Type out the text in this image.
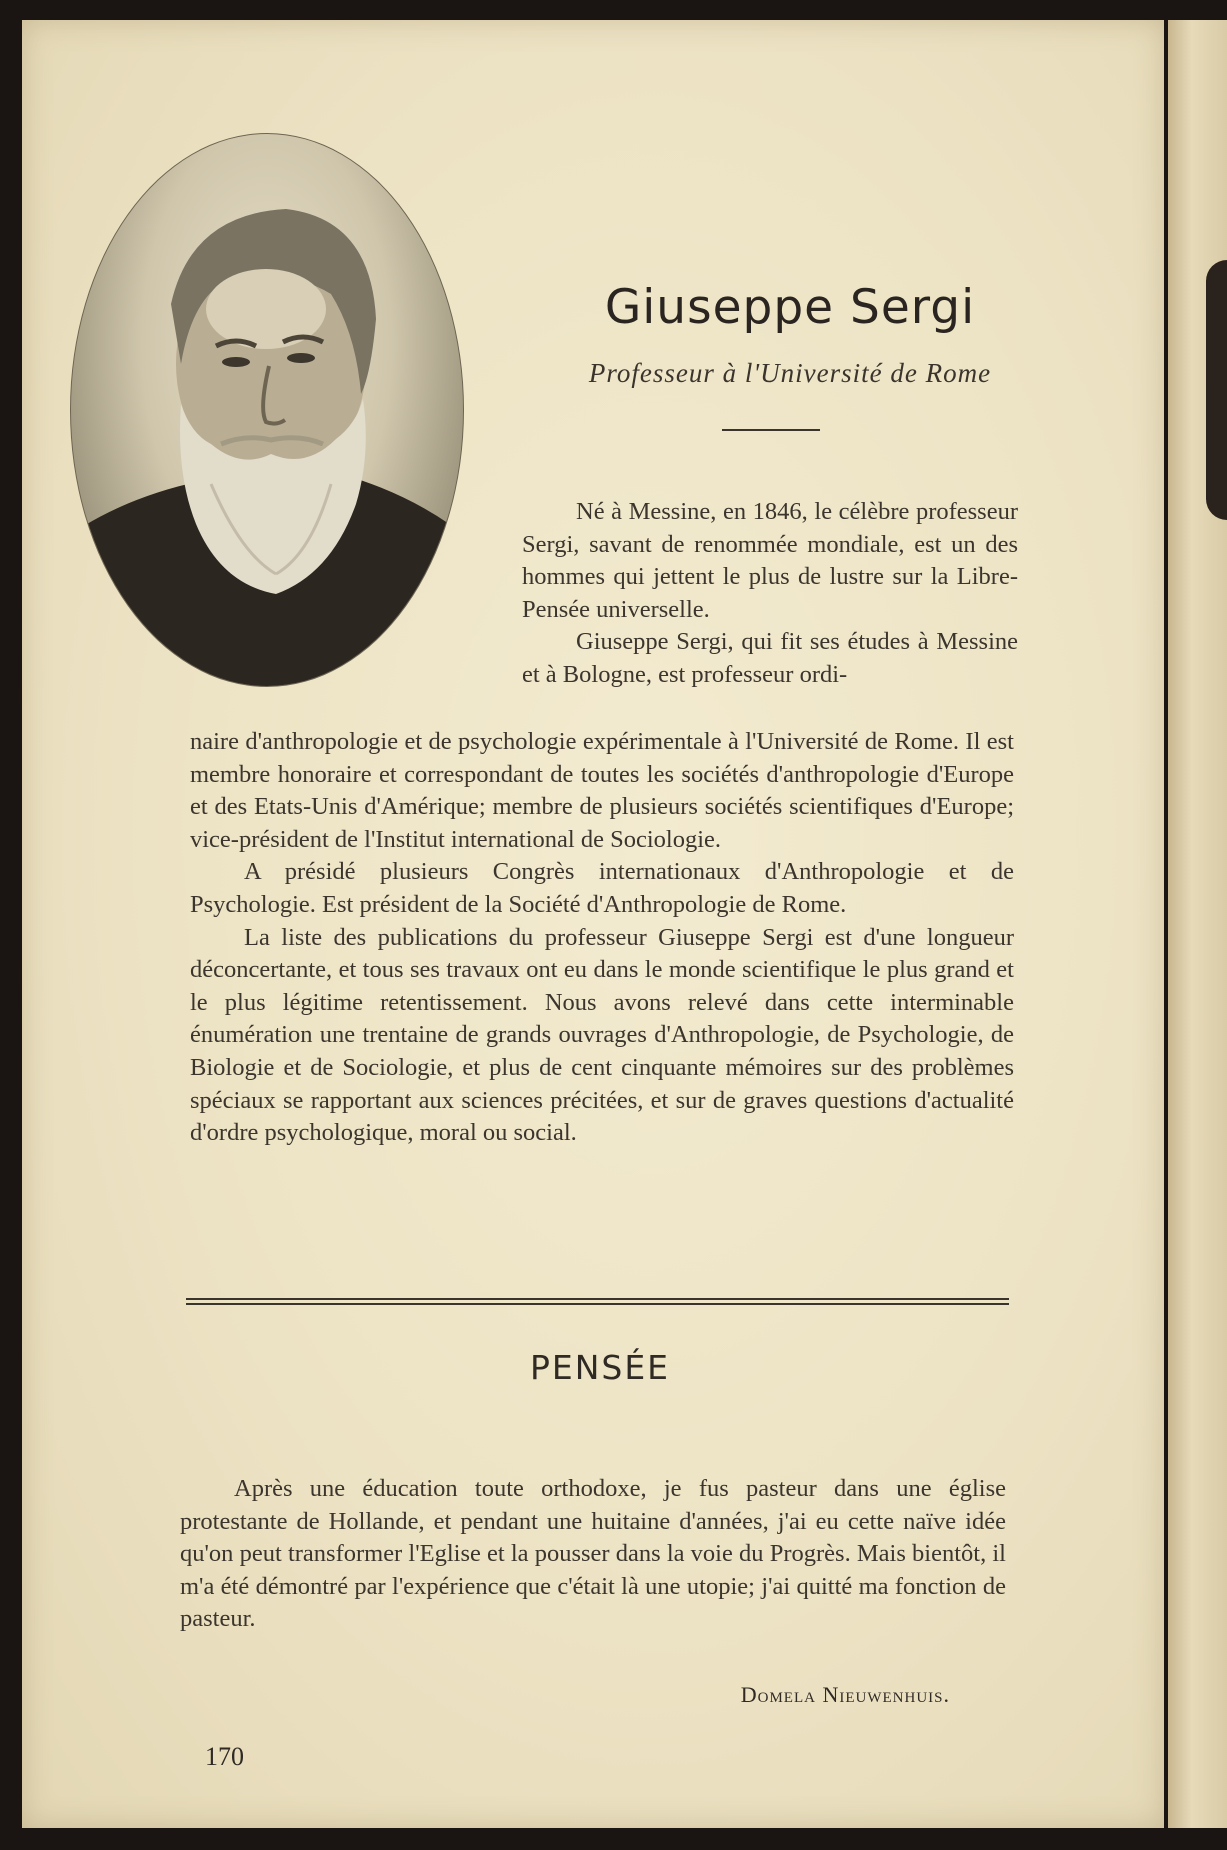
Giuseppe Sergi
Professeur à l'Université de Rome

Né à Messine, en 1846, le célèbre professeur Sergi, savant de renommée mondiale, est un des hommes qui jettent le plus de lustre sur la Libre-Pensée universelle.

Giuseppe Sergi, qui fit ses études à Messine et à Bologne, est professeur ordi-

naire d'anthropologie et de psychologie expérimentale à l'Université de Rome. Il est membre honoraire et correspondant de toutes les sociétés d'anthropologie d'Europe et des Etats-Unis d'Amérique; membre de plusieurs sociétés scientifiques d'Europe; vice-président de l'Institut international de Sociologie.

A présidé plusieurs Congrès internationaux d'Anthropologie et de Psychologie. Est président de la Société d'Anthropologie de Rome.

La liste des publications du professeur Giuseppe Sergi est d'une longueur déconcertante, et tous ses travaux ont eu dans le monde scientifique le plus grand et le plus légitime retentissement. Nous avons relevé dans cette interminable énumération une trentaine de grands ouvrages d'Anthropologie, de Psychologie, de Biologie et de Sociologie, et plus de cent cinquante mémoires sur des problèmes spéciaux se rapportant aux sciences précitées, et sur de graves questions d'actualité d'ordre psychologique, moral ou social.

PENSÉE

Après une éducation toute orthodoxe, je fus pasteur dans une église protestante de Hollande, et pendant une huitaine d'années, j'ai eu cette naïve idée qu'on peut transformer l'Eglise et la pousser dans la voie du Progrès. Mais bientôt, il m'a été démontré par l'expérience que c'était là une utopie; j'ai quitté ma fonction de pasteur.

Domela Nieuwenhuis.
170
